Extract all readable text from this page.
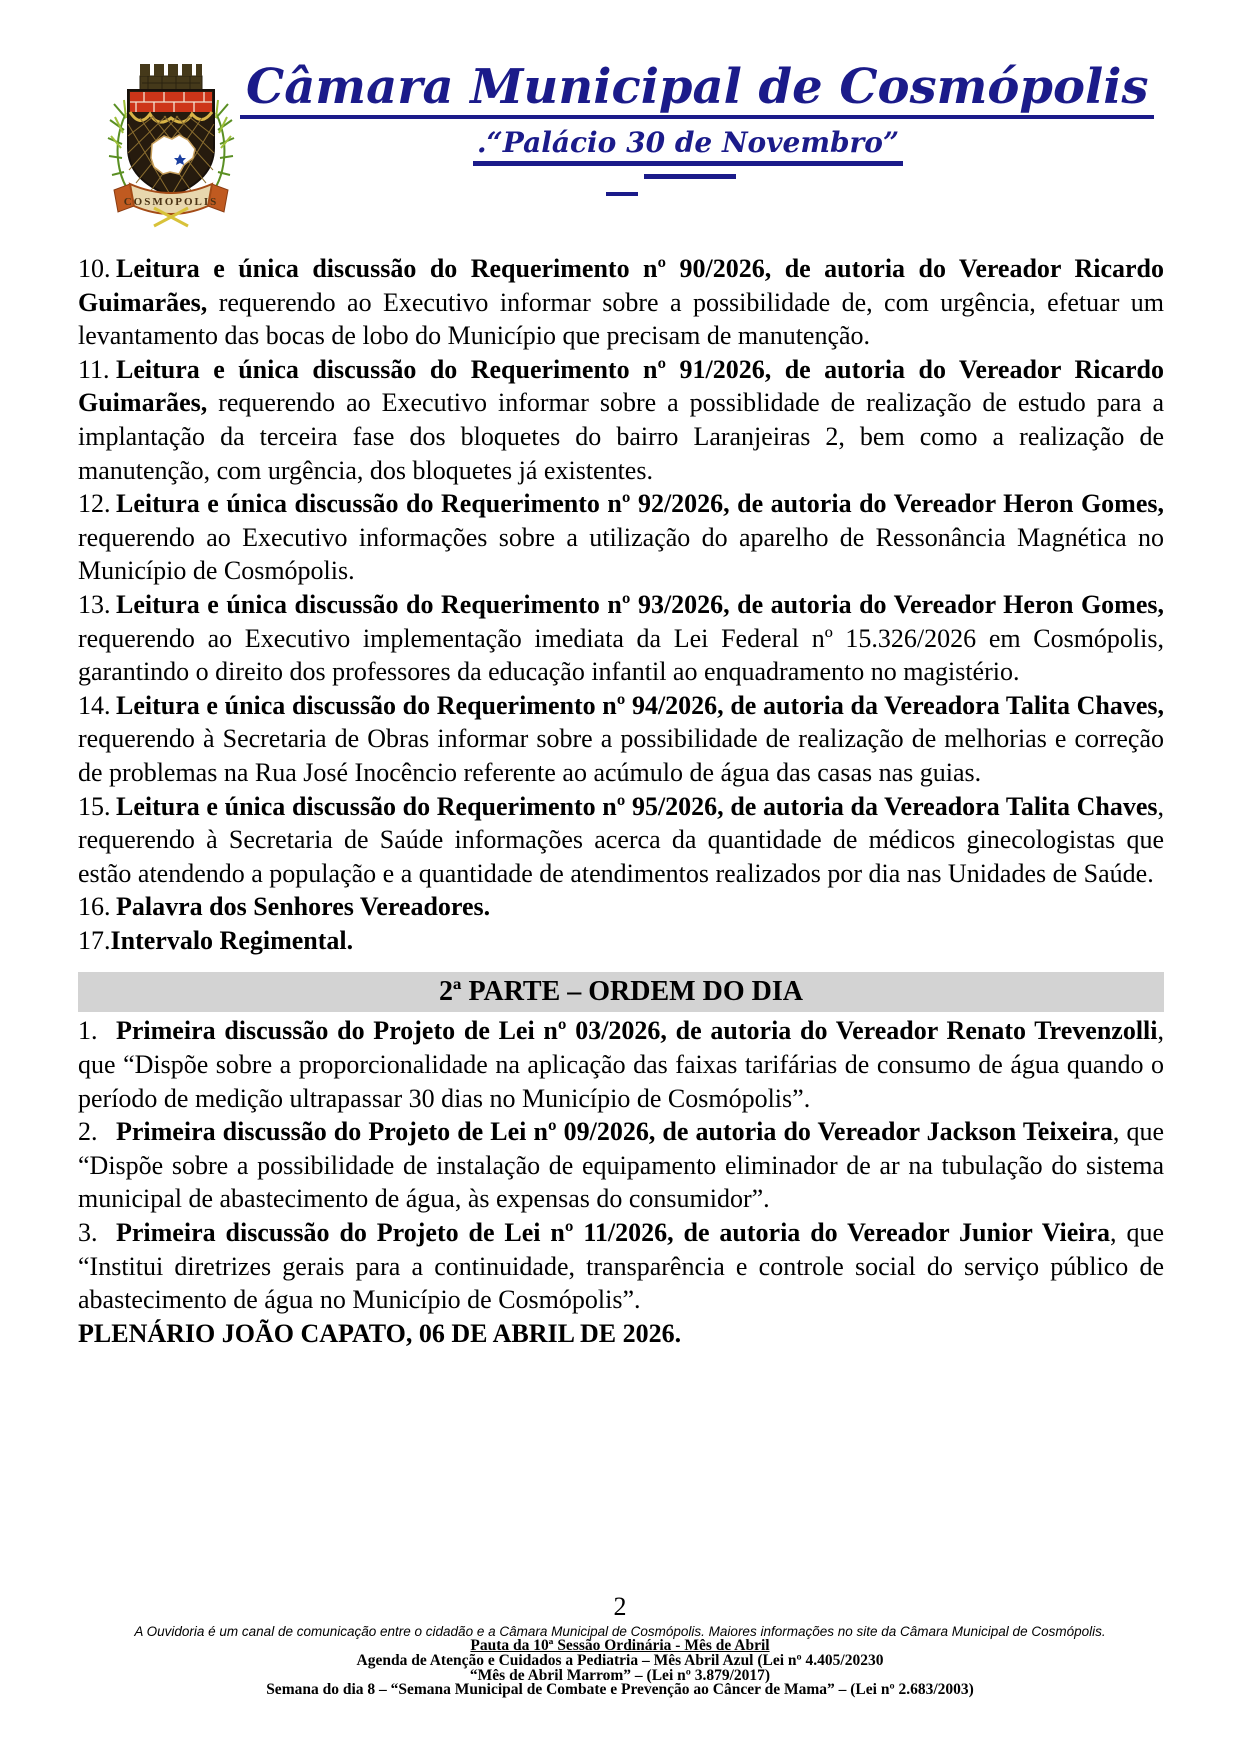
COSMOPOLIS
Câmara Municipal de Cosmópolis
.“Palácio 30 de Novembro”

10. Leitura e única discussão do Requerimento nº 90/2026, de autoria do Vereador Ricardo Guimarães, requerendo ao Executivo informar sobre a possibilidade de, com urgência, efetuar um levantamento das bocas de lobo do Município que precisam de manutenção.

11. Leitura e única discussão do Requerimento nº 91/2026, de autoria do Vereador Ricardo Guimarães, requerendo ao Executivo informar sobre a possiblidade de realização de estudo para a implantação da terceira fase dos bloquetes do bairro Laranjeiras 2, bem como a realização de manutenção, com urgência, dos bloquetes já existentes.

12. Leitura e única discussão do Requerimento nº 92/2026, de autoria do Vereador Heron Gomes, requerendo ao Executivo informações sobre a utilização do aparelho de Ressonância Magnética no Município de Cosmópolis.

13. Leitura e única discussão do Requerimento nº 93/2026, de autoria do Vereador Heron Gomes, requerendo ao Executivo implementação imediata da Lei Federal nº 15.326/2026 em Cosmópolis, garantindo o direito dos professores da educação infantil ao enquadramento no magistério.

14. Leitura e única discussão do Requerimento nº 94/2026, de autoria da Vereadora Talita Chaves, requerendo à Secretaria de Obras informar sobre a possibilidade de realização de melhorias e correção de problemas na Rua José Inocêncio referente ao acúmulo de água das casas nas guias.

15. Leitura e única discussão do Requerimento nº 95/2026, de autoria da Vereadora Talita Chaves, requerendo à Secretaria de Saúde informações acerca da quantidade de médicos ginecologistas que estão atendendo a população e a quantidade de atendimentos realizados por dia nas Unidades de Saúde.

16. Palavra dos Senhores Vereadores.

17.Intervalo Regimental.

2ª PARTE – ORDEM DO DIA

1. Primeira discussão do Projeto de Lei nº 03/2026, de autoria do Vereador Renato Trevenzolli, que “Dispõe sobre a proporcionalidade na aplicação das faixas tarifárias de consumo de água quando o período de medição ultrapassar 30 dias no Município de Cosmópolis”.

2. Primeira discussão do Projeto de Lei nº 09/2026, de autoria do Vereador Jackson Teixeira, que “Dispõe sobre a possibilidade de instalação de equipamento eliminador de ar na tubulação do sistema municipal de abastecimento de água, às expensas do consumidor”.

3. Primeira discussão do Projeto de Lei nº 11/2026, de autoria do Vereador Junior Vieira, que “Institui diretrizes gerais para a continuidade, transparência e controle social do serviço público de abastecimento de água no Município de Cosmópolis”.

PLENÁRIO JOÃO CAPATO, 06 DE ABRIL DE 2026.

2
A Ouvidoria é um canal de comunicação entre o cidadão e a Câmara Municipal de Cosmópolis. Maiores informações no site da Câmara Municipal de Cosmópolis.
Pauta da 10ª Sessão Ordinária - Mês de Abril
Agenda de Atenção e Cuidados a Pediatria – Mês Abril Azul (Lei nº 4.405/20230
“Mês de Abril Marrom” – (Lei nº 3.879/2017)
Semana do dia 8 – “Semana Municipal de Combate e Prevenção ao Câncer de Mama” – (Lei nº 2.683/2003)
